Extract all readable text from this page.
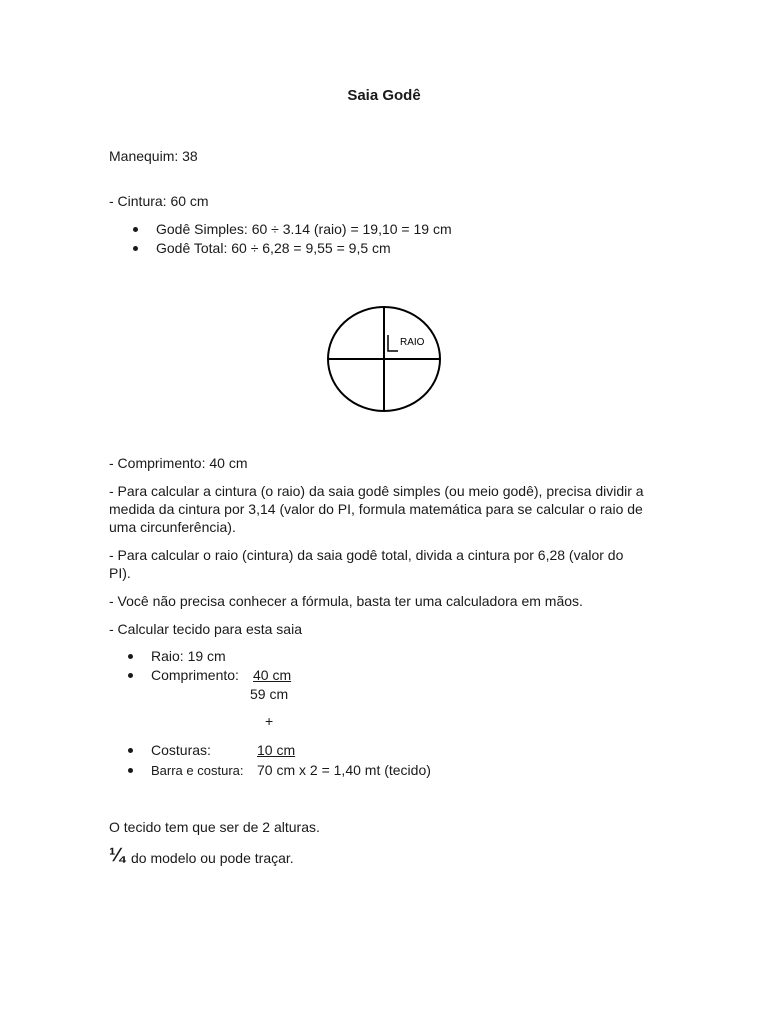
Saia Godê
Manequim: 38
- Cintura: 60 cm
Godê Simples: 60 ÷ 3.14 (raio) = 19,10 = 19 cm
Godê Total: 60 ÷ 6,28 = 9,55 = 9,5 cm
RAIO
- Comprimento: 40 cm
- Para calcular a cintura (o raio) da saia godê simples (ou meio godê), precisa dividir a medida da cintura por 3,14 (valor do PI, formula matemática para se calcular o raio de uma circunferência).
- Para calcular o raio (cintura) da saia godê total, divida a cintura por 6,28 (valor do PI).
- Você não precisa conhecer a fórmula, basta ter uma calculadora em mãos.
- Calcular tecido para esta saia
Raio: 19 cm
Comprimento: 40 cm
59 cm
+
Costuras:	10 cm
Barra e costura: 70 cm x 2 = 1,40 mt (tecido)
O tecido tem que ser de 2 alturas.
¼ do modelo ou pode traçar.
